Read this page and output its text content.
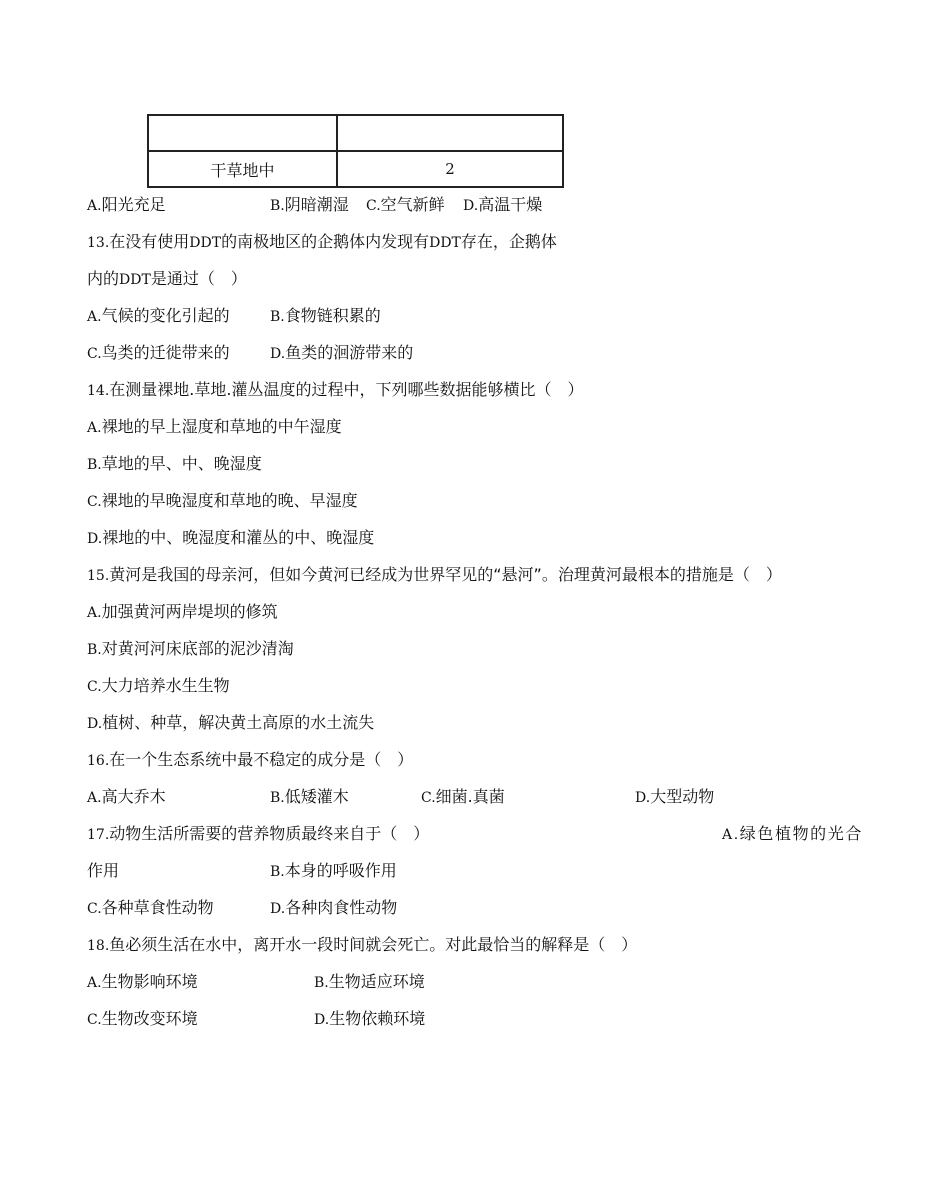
干草地中	2
A.阳光充足	B.阴暗潮湿 C.空气新鲜 D.高温干燥
13.在没有使用DDT的南极地区的企鹅体内发现有DDT存在，企鹅体
内的DDT是通过（　）
A.气候的变化引起的	B.食物链积累的
C.鸟类的迁徙带来的	D.鱼类的洄游带来的
14.在测量裸地.草地.灌丛温度的过程中，下列哪些数据能够横比（　）
A.裸地的早上湿度和草地的中午湿度
B.草地的早、中、晚湿度
C.裸地的早晚湿度和草地的晚、早湿度
D.裸地的中、晚湿度和灌丛的中、晚湿度
15.黄河是我国的母亲河，但如今黄河已经成为世界罕见的“悬河”。治理黄河最根本的措施是（　）
A.加强黄河两岸堤坝的修筑
B.对黄河河床底部的泥沙清淘
C.大力培养水生生物
D.植树、种草，解决黄土高原的水土流失
16.在一个生态系统中最不稳定的成分是（　）
A.高大乔木	B.低矮灌木	C.细菌.真菌	D.大型动物
17.动物生活所需要的营养物质最终来自于（　）	A.绿色植物的光合
作用	B.本身的呼吸作用
C.各种草食性动物	D.各种肉食性动物
18.鱼必须生活在水中，离开水一段时间就会死亡。对此最恰当的解释是（　）
A.生物影响环境	B.生物适应环境
C.生物改变环境	D.生物依赖环境
